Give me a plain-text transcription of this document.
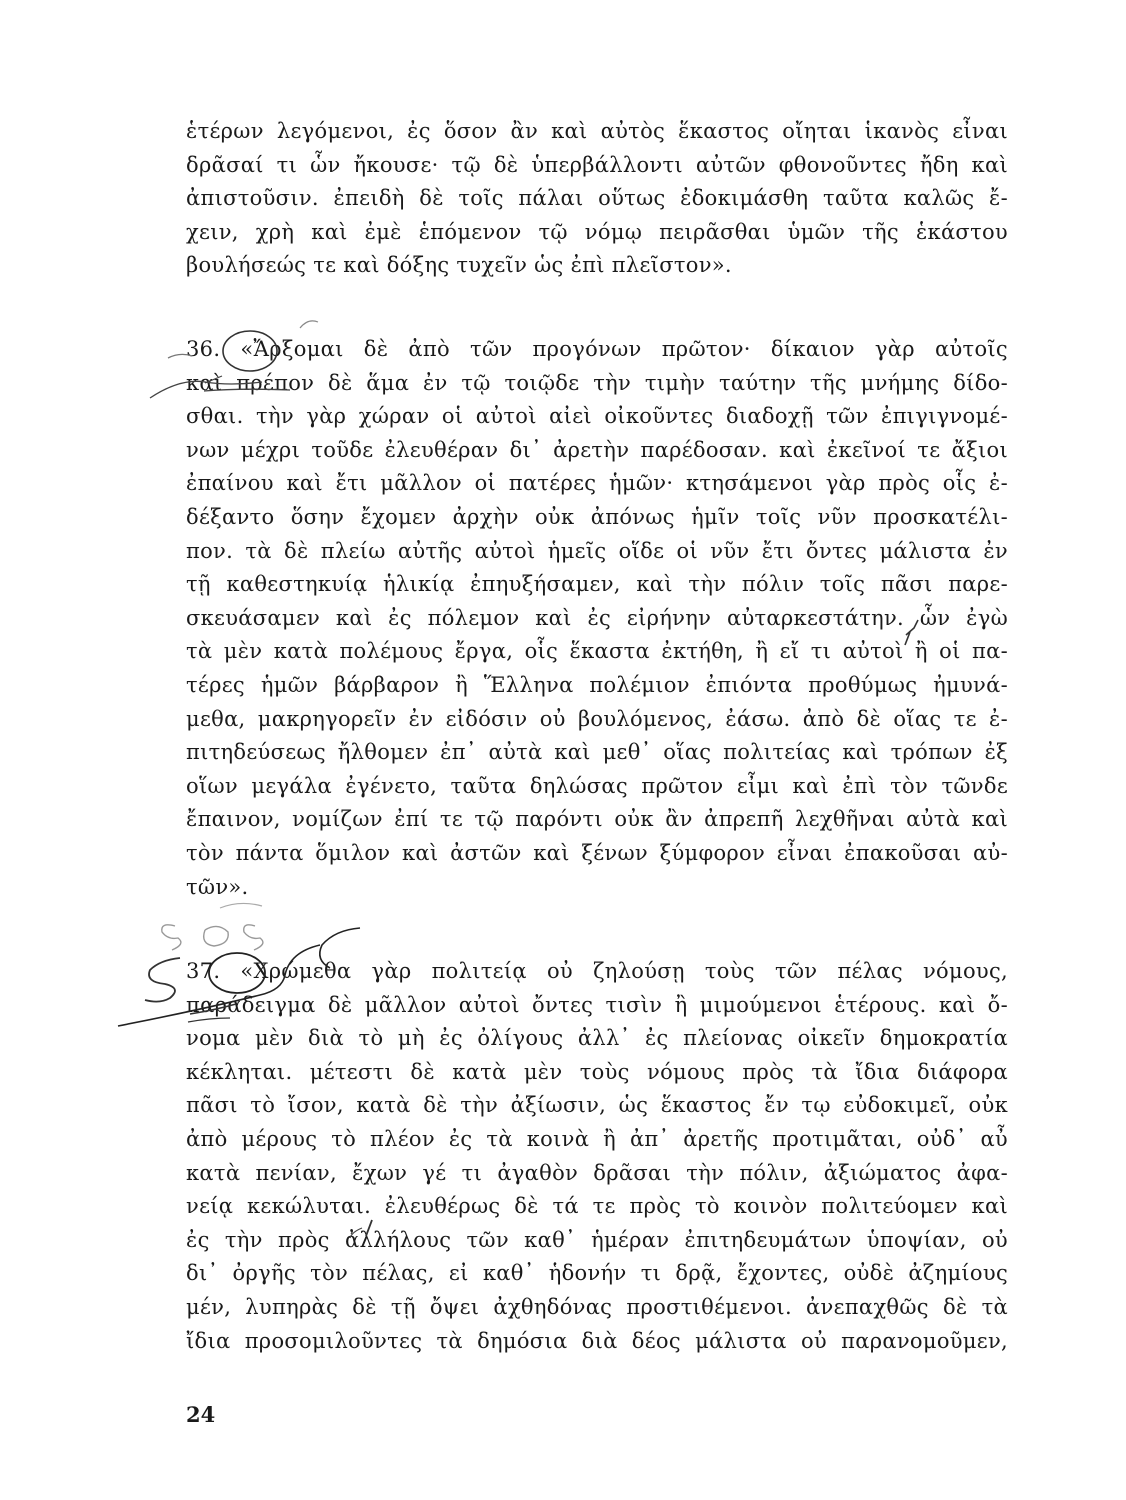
ἑτέρων λεγόμενοι, ἐς ὅσον ἂν καὶ αὐτὸς ἕκαστος οἴηται ἱκανὸς εἶναι
δρᾶσαί τι ὧν ἤκουσε· τῷ δὲ ὑπερβάλλοντι αὐτῶν φθονοῦντες ἤδη καὶ
ἀπιστοῦσιν. ἐπειδὴ δὲ τοῖς πάλαι οὕτως ἐδοκιμάσθη ταῦτα καλῶς ἔ-
χειν, χρὴ καὶ ἐμὲ ἑπόμενον τῷ νόμῳ πειρᾶσθαι ὑμῶν τῆς ἑκάστου
βουλήσεώς τε καὶ δόξης τυχεῖν ὡς ἐπὶ πλεῖστον».
36. «Ἄρξομαι δὲ ἀπὸ τῶν προγόνων πρῶτον· δίκαιον γὰρ αὐτοῖς
καὶ πρέπον δὲ ἅμα ἐν τῷ τοιῷδε τὴν τιμὴν ταύτην τῆς μνήμης δίδο-
σθαι. τὴν γὰρ χώραν οἱ αὐτοὶ αἰεὶ οἰκοῦντες διαδοχῇ τῶν ἐπιγιγνομέ-
νων μέχρι τοῦδε ἐλευθέραν δι᾽ ἀρετὴν παρέδοσαν. καὶ ἐκεῖνοί τε ἄξιοι
ἐπαίνου καὶ ἔτι μᾶλλον οἱ πατέρες ἡμῶν· κτησάμενοι γὰρ πρὸς οἷς ἐ-
δέξαντο ὅσην ἔχομεν ἀρχὴν οὐκ ἀπόνως ἡμῖν τοῖς νῦν προσκατέλι-
πον. τὰ δὲ πλείω αὐτῆς αὐτοὶ ἡμεῖς οἵδε οἱ νῦν ἔτι ὄντες μάλιστα ἐν
τῇ καθεστηκυίᾳ ἡλικίᾳ ἐπηυξήσαμεν, καὶ τὴν πόλιν τοῖς πᾶσι παρε-
σκευάσαμεν καὶ ἐς πόλεμον καὶ ἐς εἰρήνην αὐταρκεστάτην. ὧν ἐγὼ
τὰ μὲν κατὰ πολέμους ἔργα, οἷς ἕκαστα ἐκτήθη, ἢ εἴ τι αὐτοὶ ἢ οἱ πα-
τέρες ἡμῶν βάρβαρον ἢ Ἕλληνα πολέμιον ἐπιόντα προθύμως ἠμυνά-
μεθα, μακρηγορεῖν ἐν εἰδόσιν οὐ βουλόμενος, ἐάσω. ἀπὸ δὲ οἵας τε ἐ-
πιτηδεύσεως ἤλθομεν ἐπ᾽ αὐτὰ καὶ μεθ᾽ οἵας πολιτείας καὶ τρόπων ἐξ
οἵων μεγάλα ἐγένετο, ταῦτα δηλώσας πρῶτον εἶμι καὶ ἐπὶ τὸν τῶνδε
ἔπαινον, νομίζων ἐπί τε τῷ παρόντι οὐκ ἂν ἀπρεπῆ λεχθῆναι αὐτὰ καὶ
τὸν πάντα ὅμιλον καὶ ἀστῶν καὶ ξένων ξύμφορον εἶναι ἐπακοῦσαι αὐ-
τῶν».
37. «Χρώμεθα γὰρ πολιτείᾳ οὐ ζηλούσῃ τοὺς τῶν πέλας νόμους,
παράδειγμα δὲ μᾶλλον αὐτοὶ ὄντες τισὶν ἢ μιμούμενοι ἑτέρους. καὶ ὄ-
νομα μὲν διὰ τὸ μὴ ἐς ὀλίγους ἀλλ᾽ ἐς πλείονας οἰκεῖν δημοκρατία
κέκληται. μέτεστι δὲ κατὰ μὲν τοὺς νόμους πρὸς τὰ ἴδια διάφορα
πᾶσι τὸ ἴσον, κατὰ δὲ τὴν ἀξίωσιν, ὡς ἕκαστος ἔν τῳ εὐδοκιμεῖ, οὐκ
ἀπὸ μέρους τὸ πλέον ἐς τὰ κοινὰ ἢ ἀπ᾽ ἀρετῆς προτιμᾶται, οὐδ᾽ αὖ
κατὰ πενίαν, ἔχων γέ τι ἀγαθὸν δρᾶσαι τὴν πόλιν, ἀξιώματος ἀφα-
νείᾳ κεκώλυται. ἐλευθέρως δὲ τά τε πρὸς τὸ κοινὸν πολιτεύομεν καὶ
ἐς τὴν πρὸς ἀλλήλους τῶν καθ᾽ ἡμέραν ἐπιτηδευμάτων ὑποψίαν, οὐ
δι᾽ ὀργῆς τὸν πέλας, εἰ καθ᾽ ἡδονήν τι δρᾷ, ἔχοντες, οὐδὲ ἀζημίους
μέν, λυπηρὰς δὲ τῇ ὄψει ἀχθηδόνας προστιθέμενοι. ἀνεπαχθῶς δὲ τὰ
ἴδια προσομιλοῦντες τὰ δημόσια διὰ δέος μάλιστα οὐ παρανομοῦμεν,
24
